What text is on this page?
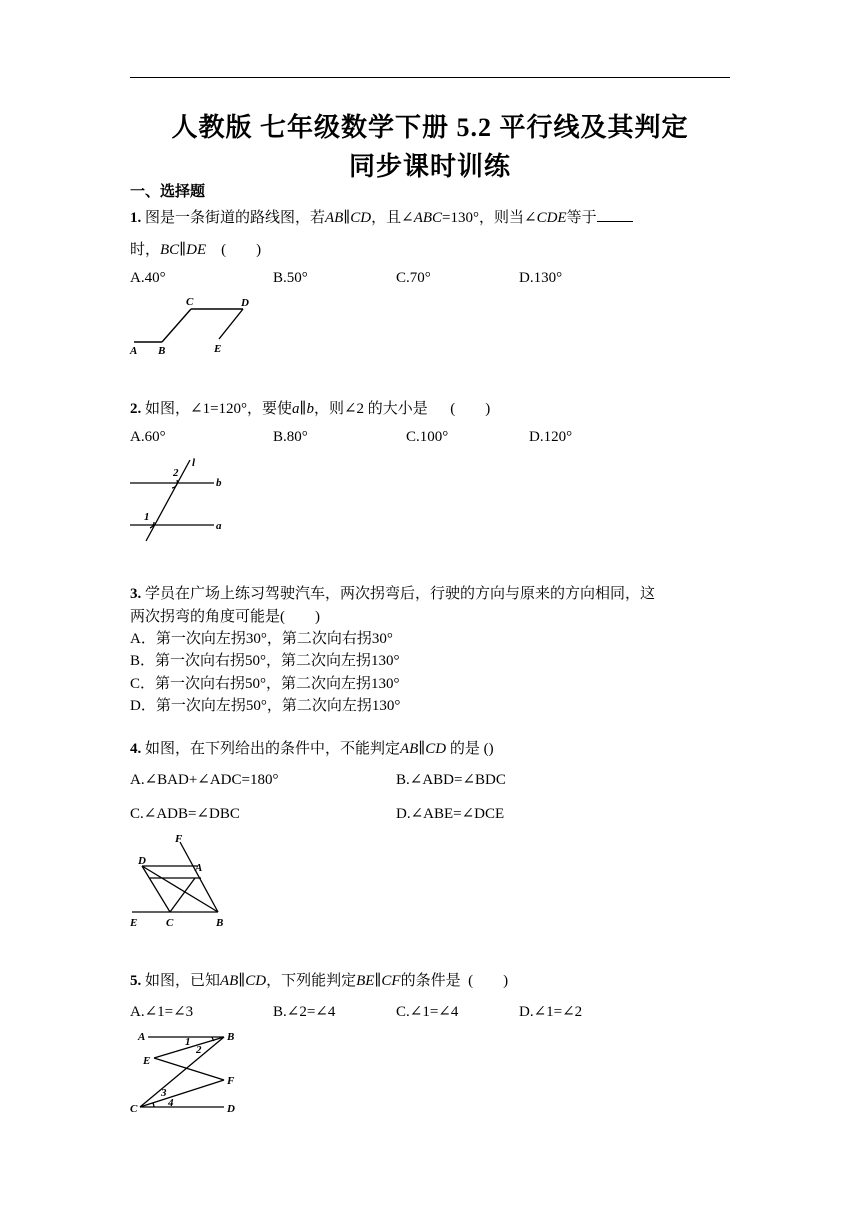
人教版 七年级数学下册 5.2 平行线及其判定
同步课时训练
一、选择题
1. 图是一条街道的路线图，若AB∥CD，且∠ABC=130°，则当∠CDE等于
时，BC∥DE (　　)
A.40°	B.50°	C.70°	D.130°
A B
C	D
E
2. 如图，∠1=120°，要使a∥b，则∠2 的大小是 (　　)
A.60°	B.80°	C.100°	D.120°
l
b
a
2
1
3. 学员在广场上练习驾驶汽车，两次拐弯后，行驶的方向与原来的方向相同，这
两次拐弯的角度可能是(　　)
A．第一次向左拐30°，第二次向右拐30°
B．第一次向右拐50°，第二次向左拐130°
C．第一次向右拐50°，第二次向左拐130°
D．第一次向左拐50°，第二次向左拐130°
4. 如图，在下列给出的条件中，不能判定AB∥CD 的是 ()
A.∠BAD+∠ADC=180°	B.∠ABD=∠BDC
C.∠ADB=∠DBC	D.∠ABE=∠DCE
F
D
A
E	C	B
5. 如图，已知AB∥CD，下列能判定BE∥CF的条件是 (　　)
A.∠1=∠3	B.∠2=∠4	C.∠1=∠4	D.∠1=∠2
A	B
E
F
C	D
1
2
3
4
